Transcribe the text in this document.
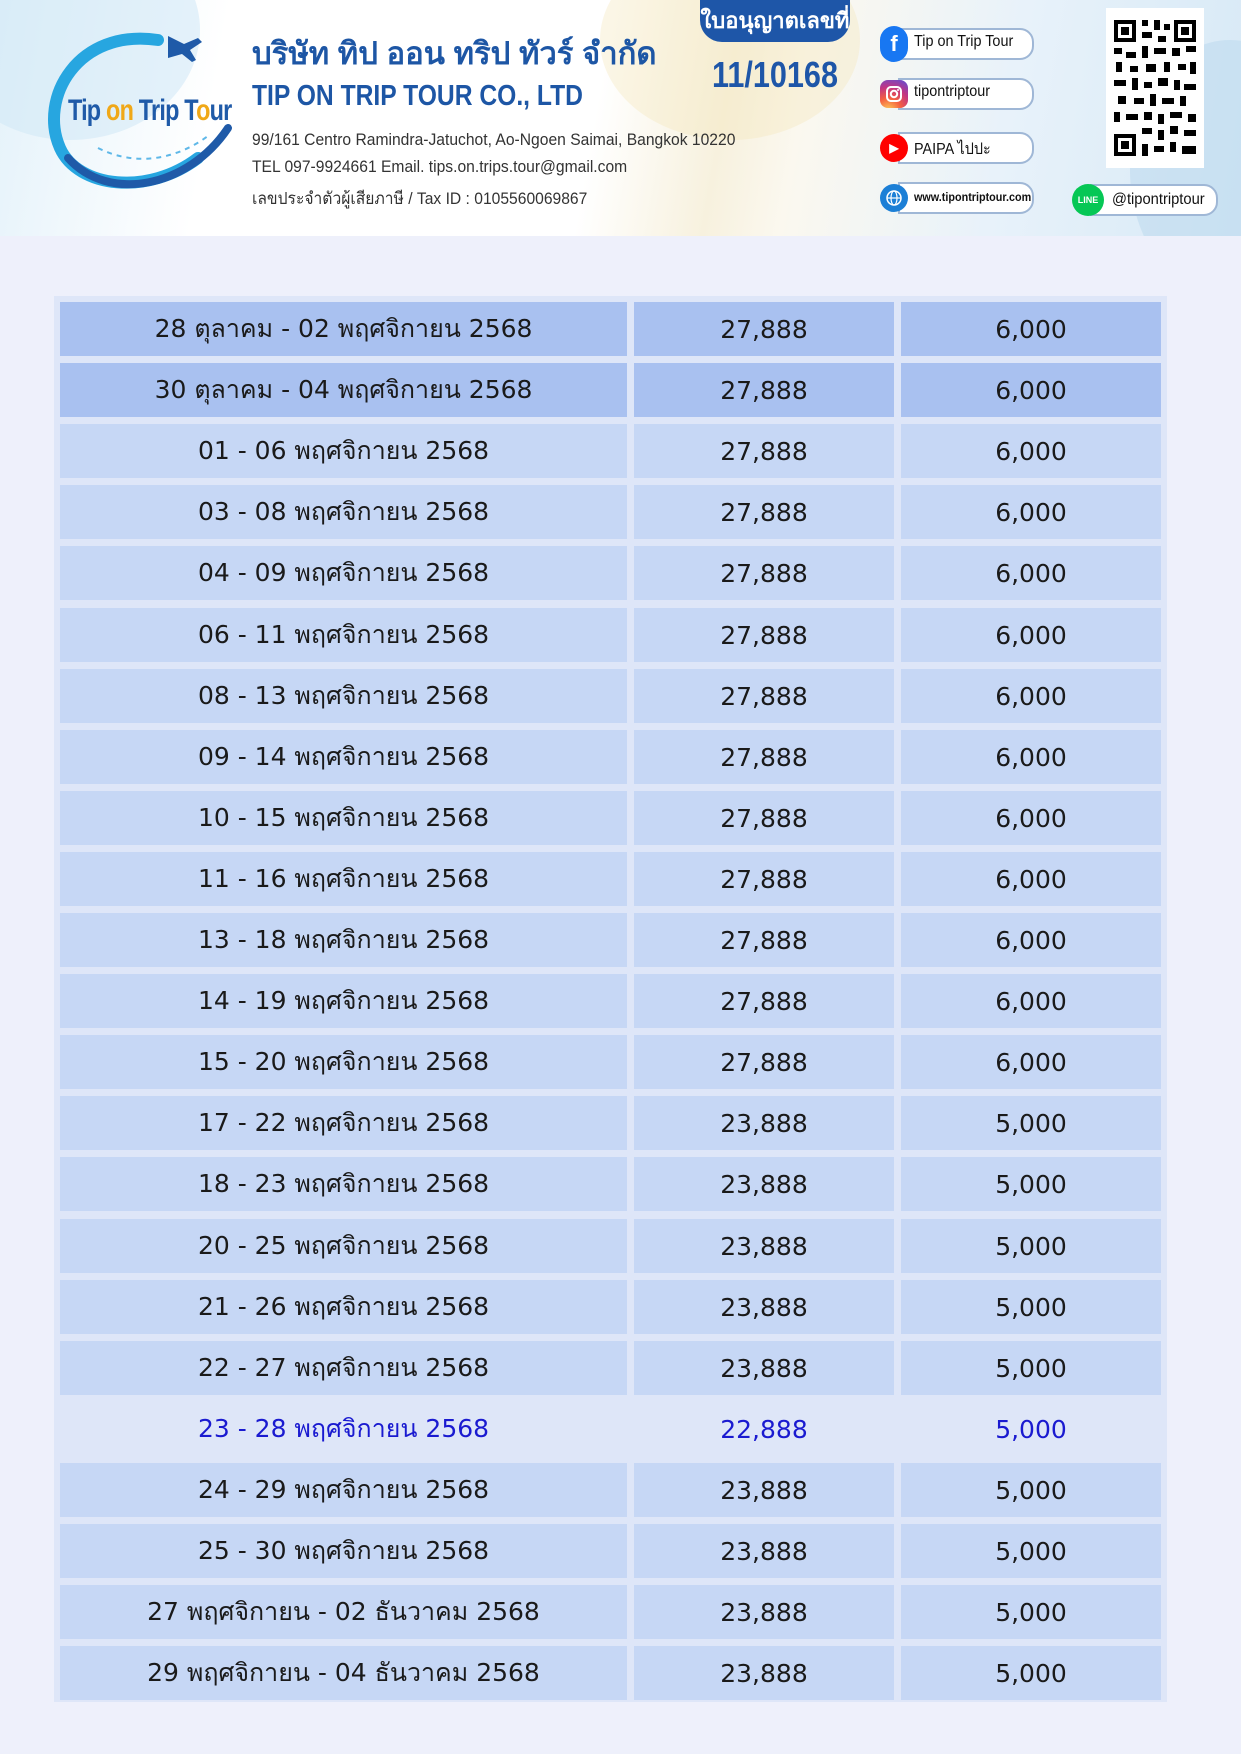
Tip on Trip Tour
บริษัท ทิป ออน ทริป ทัวร์ จำกัด
TIP ON TRIP TOUR CO., LTD
99/161 Centro Ramindra-Jatuchot, Ao-Ngoen Saimai, Bangkok 10220
TEL 097-9924661 Email. tips.on.trips.tour@gmail.com
เลขประจำตัวผู้เสียภาษี / Tax ID : 0105560069867
ใบอนุญาตเลขที่
11/10168
f	Tip on Trip Tour
tipontriptour
▶ PAIPA ไปปะ
www.tipontriptour.com	LINE @tipontriptour
28 ตุลาคม - 02 พฤศจิกายน 2568	27,888	6,000
30 ตุลาคม - 04 พฤศจิกายน 2568	27,888	6,000
01 - 06 พฤศจิกายน 2568	27,888	6,000
03 - 08 พฤศจิกายน 2568	27,888	6,000
04 - 09 พฤศจิกายน 2568	27,888	6,000
06 - 11 พฤศจิกายน 2568	27,888	6,000
08 - 13 พฤศจิกายน 2568	27,888	6,000
09 - 14 พฤศจิกายน 2568	27,888	6,000
10 - 15 พฤศจิกายน 2568	27,888	6,000
11 - 16 พฤศจิกายน 2568	27,888	6,000
13 - 18 พฤศจิกายน 2568	27,888	6,000
14 - 19 พฤศจิกายน 2568	27,888	6,000
15 - 20 พฤศจิกายน 2568	27,888	6,000
17 - 22 พฤศจิกายน 2568	23,888	5,000
18 - 23 พฤศจิกายน 2568	23,888	5,000
20 - 25 พฤศจิกายน 2568	23,888	5,000
21 - 26 พฤศจิกายน 2568	23,888	5,000
22 - 27 พฤศจิกายน 2568	23,888	5,000
23 - 28 พฤศจิกายน 2568	22,888	5,000
24 - 29 พฤศจิกายน 2568	23,888	5,000
25 - 30 พฤศจิกายน 2568	23,888	5,000
27 พฤศจิกายน - 02 ธันวาคม 2568	23,888	5,000
29 พฤศจิกายน - 04 ธันวาคม 2568	23,888	5,000
